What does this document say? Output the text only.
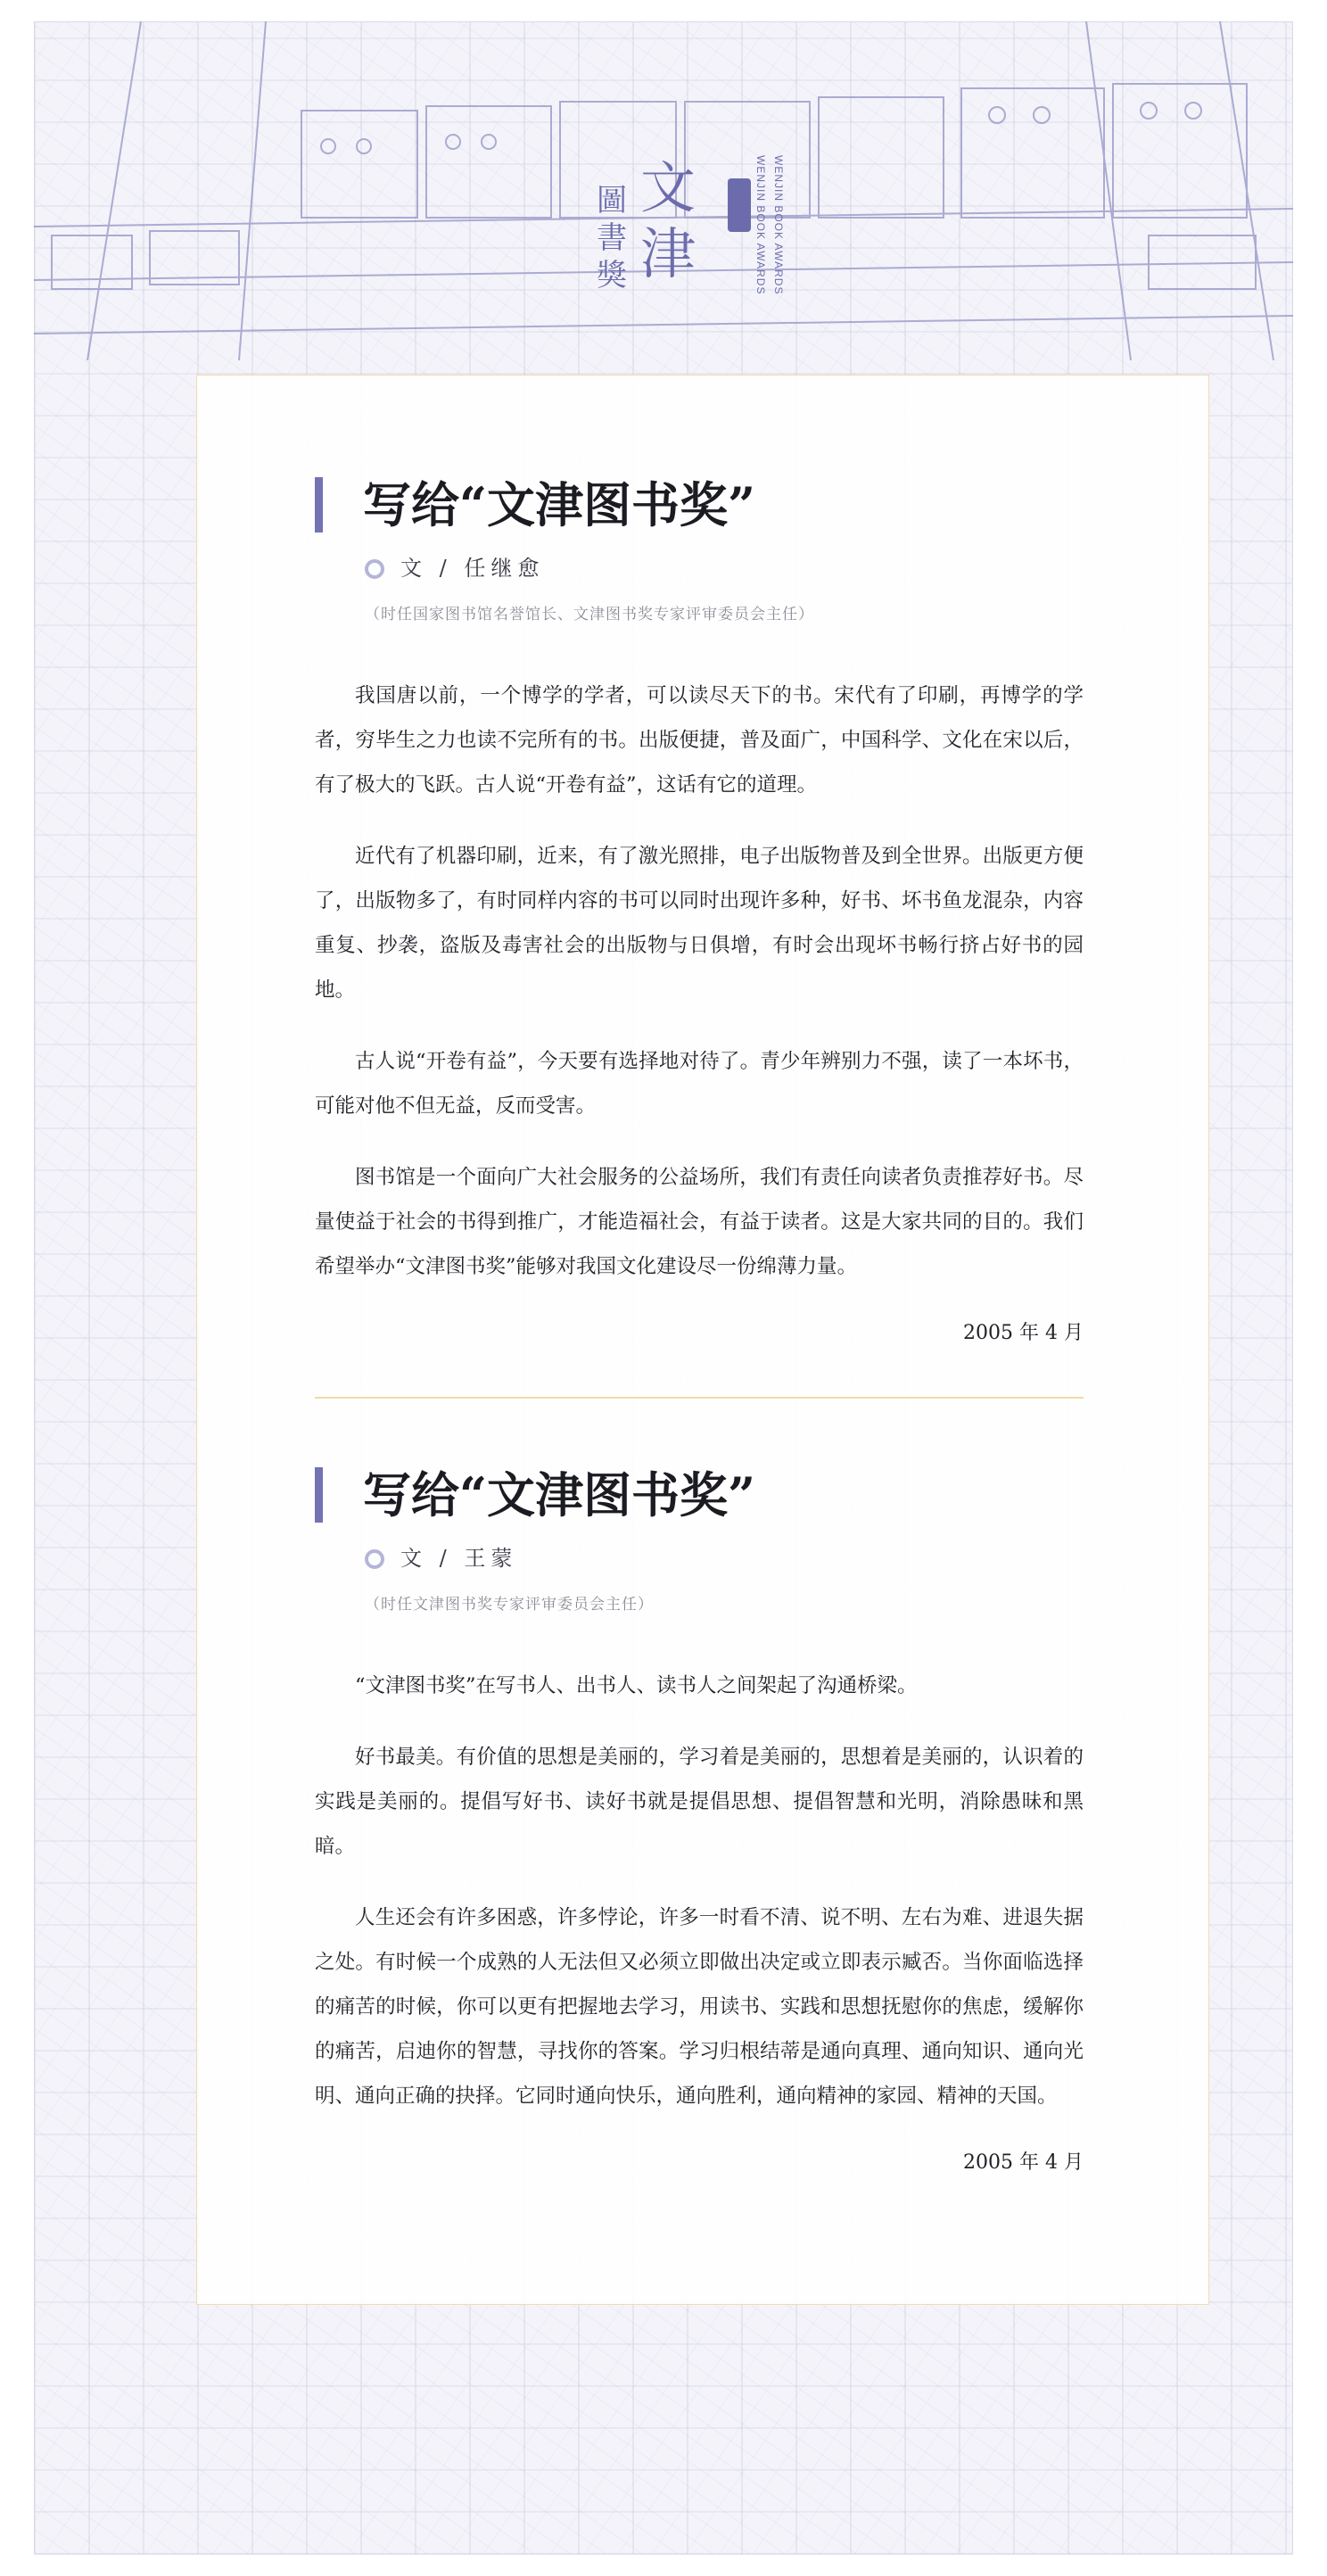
圖書獎
文津	WENJIN BOOK AWARDS WENJIN BOOK AWARDS
写给“文津图书奖”
文 / 任继愈
（时任国家图书馆名誉馆长、文津图书奖专家评审委员会主任）

我国唐以前，一个博学的学者，可以读尽天下的书。宋代有了印刷，再博学的学者，穷毕生之力也读不完所有的书。出版便捷，普及面广，中国科学、文化在宋以后，有了极大的飞跃。古人说“开卷有益”，这话有它的道理。

近代有了机器印刷，近来，有了激光照排，电子出版物普及到全世界。出版更方便了，出版物多了，有时同样内容的书可以同时出现许多种，好书、坏书鱼龙混杂，内容重复、抄袭，盗版及毒害社会的出版物与日俱增，有时会出现坏书畅行挤占好书的园地。

古人说“开卷有益”，今天要有选择地对待了。青少年辨别力不强，读了一本坏书，可能对他不但无益，反而受害。

图书馆是一个面向广大社会服务的公益场所，我们有责任向读者负责推荐好书。尽量使益于社会的书得到推广，才能造福社会，有益于读者。这是大家共同的目的。我们希望举办“文津图书奖”能够对我国文化建设尽一份绵薄力量。

2005 年 4 月
写给“文津图书奖”
文 / 王蒙
（时任文津图书奖专家评审委员会主任）

“文津图书奖”在写书人、出书人、读书人之间架起了沟通桥梁。

好书最美。有价值的思想是美丽的，学习着是美丽的，思想着是美丽的，认识着的实践是美丽的。提倡写好书、读好书就是提倡思想、提倡智慧和光明，消除愚昧和黑暗。

人生还会有许多困惑，许多悖论，许多一时看不清、说不明、左右为难、进退失据之处。有时候一个成熟的人无法但又必须立即做出决定或立即表示臧否。当你面临选择的痛苦的时候，你可以更有把握地去学习，用读书、实践和思想抚慰你的焦虑，缓解你的痛苦，启迪你的智慧，寻找你的答案。学习归根结蒂是通向真理、通向知识、通向光明、通向正确的抉择。它同时通向快乐，通向胜利，通向精神的家园、精神的天国。

2005 年 4 月
